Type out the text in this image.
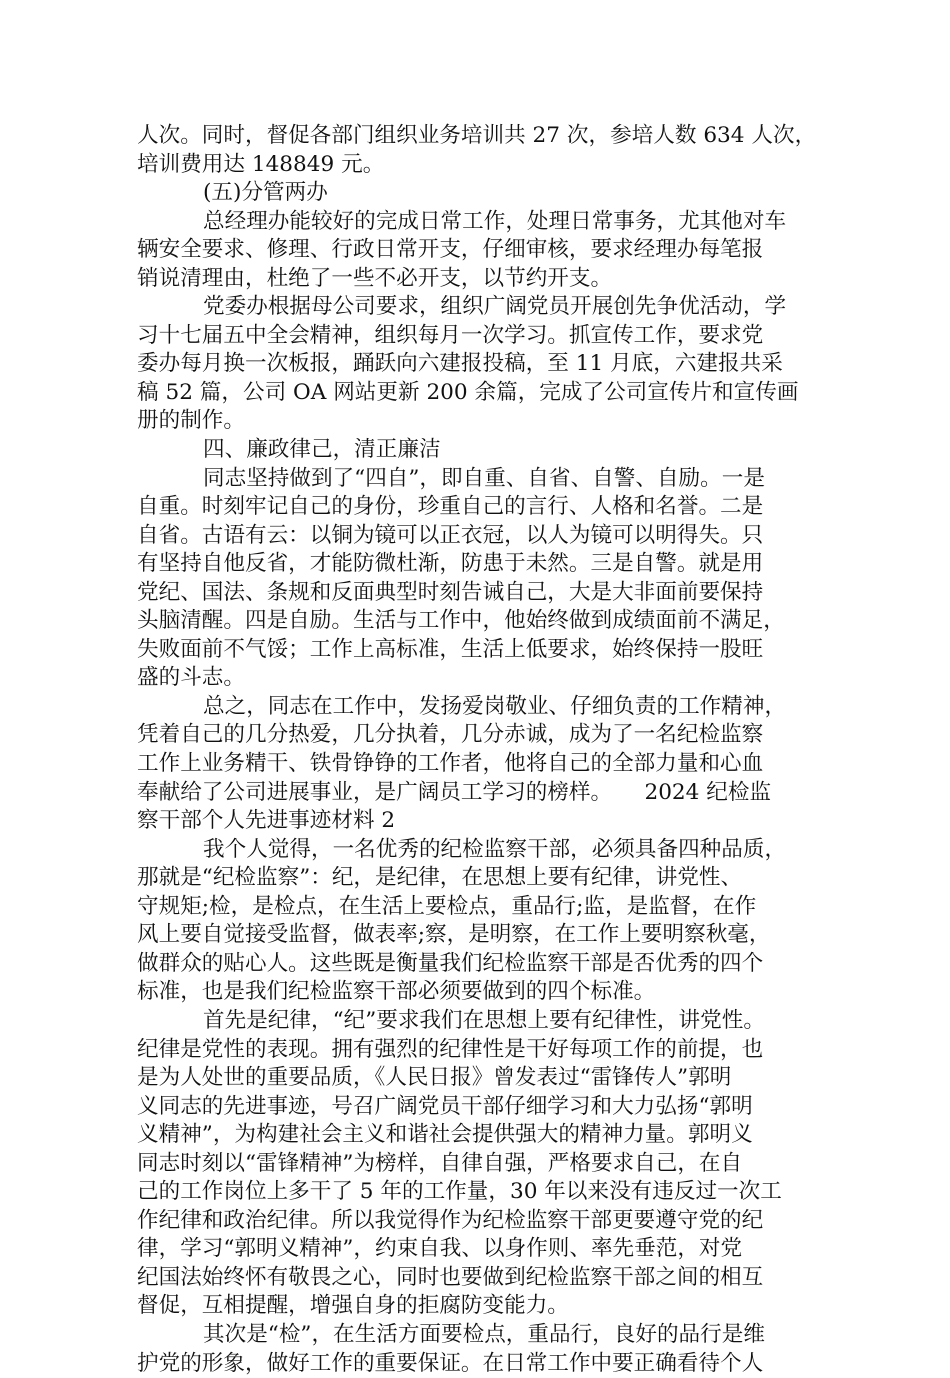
人次。同时，督促各部门组织业务培训共 27 次，参培人数 634 人次，
培训费用达 148849 元。
(五)分管两办
总经理办能较好的完成日常工作，处理日常事务，尤其他对车
辆安全要求、修理、行政日常开支，仔细审核，要求经理办每笔报
销说清理由，杜绝了一些不必开支，以节约开支。
党委办根据母公司要求，组织广阔党员开展创先争优活动，学
习十七届五中全会精神，组织每月一次学习。抓宣传工作，要求党
委办每月换一次板报，踊跃向六建报投稿，至 11 月底，六建报共采
稿 52 篇，公司 OA 网站更新 200 余篇，完成了公司宣传片和宣传画
册的制作。
四、廉政律己，清正廉洁
同志坚持做到了“四自”，即自重、自省、自警、自励。一是
自重。时刻牢记自己的身份，珍重自己的言行、人格和名誉。二是
自省。古语有云：以铜为镜可以正衣冠，以人为镜可以明得失。只
有坚持自他反省，才能防微杜渐，防患于未然。三是自警。就是用
党纪、国法、条规和反面典型时刻告诫自己，大是大非面前要保持
头脑清醒。四是自励。生活与工作中，他始终做到成绩面前不满足，
失败面前不气馁；工作上高标准，生活上低要求，始终保持一股旺
盛的斗志。
总之，同志在工作中，发扬爱岗敬业、仔细负责的工作精神，
凭着自己的几分热爱，几分执着，几分赤诚，成为了一名纪检监察
工作上业务精干、铁骨铮铮的工作者，他将自己的全部力量和心血
奉献给了公司进展事业，是广阔员工学习的榜样。　　2024 纪检监
察干部个人先进事迹材料 2
我个人觉得，一名优秀的纪检监察干部，必须具备四种品质，
那就是“纪检监察”：纪，是纪律，在思想上要有纪律，讲党性、
守规矩;检，是检点，在生活上要检点，重品行;监，是监督，在作
风上要自觉接受监督，做表率;察，是明察，在工作上要明察秋毫，
做群众的贴心人。这些既是衡量我们纪检监察干部是否优秀的四个
标准，也是我们纪检监察干部必须要做到的四个标准。
首先是纪律，“纪”要求我们在思想上要有纪律性，讲党性。
纪律是党性的表现。拥有强烈的纪律性是干好每项工作的前提，也
是为人处世的重要品质，《人民日报》曾发表过“雷锋传人”郭明
义同志的先进事迹，号召广阔党员干部仔细学习和大力弘扬“郭明
义精神”，为构建社会主义和谐社会提供强大的精神力量。郭明义
同志时刻以“雷锋精神”为榜样，自律自强，严格要求自己，在自
己的工作岗位上多干了 5 年的工作量，30 年以来没有违反过一次工
作纪律和政治纪律。所以我觉得作为纪检监察干部更要遵守党的纪
律，学习“郭明义精神”，约束自我、以身作则、率先垂范，对党
纪国法始终怀有敬畏之心，同时也要做到纪检监察干部之间的相互
督促，互相提醒，增强自身的拒腐防变能力。
其次是“检”，在生活方面要检点，重品行，良好的品行是维
护党的形象，做好工作的重要保证。在日常工作中要正确看待个人
